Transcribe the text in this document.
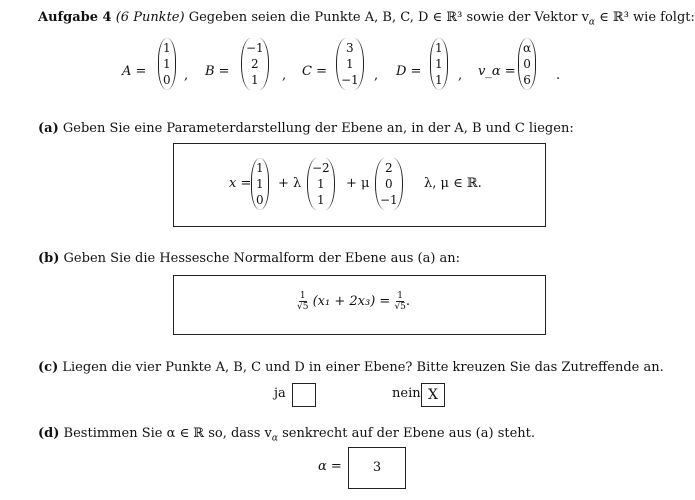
Aufgabe 4 (6 Punkte) Gegeben seien die Punkte A, B, C, D ∈ ℝ³ sowie der Vektor $v_\alpha$ ∈ ℝ³ wie folgt:
A =
1
1
0 , B =
−1
2
1	, C =
3
1
−1 , D =
1
1
1 , v_α =
α
0
6 .
(a) Geben Sie eine Parameterdarstellung der Ebene an, in der A, B und C liegen:
x =
1
1
0
+ λ
−2
1
1
+ μ
2
0
−1
λ, μ ∈ ℝ.
(b) Geben Sie die Hessesche Normalform der Ebene aus (a) an:
$\frac{1}{√5} (x_1 + 2x_3) = \frac{1}{√5}$ .
(c) Liegen die vier Punkte A, B, C und D in einer Ebene? Bitte kreuzen Sie das Zutreffende an.
ja	nein X
(d) Bestimmen Sie α ∈ ℝ so, dass $v_\alpha$ senkrecht auf der Ebene aus (a) steht.
α =	3
